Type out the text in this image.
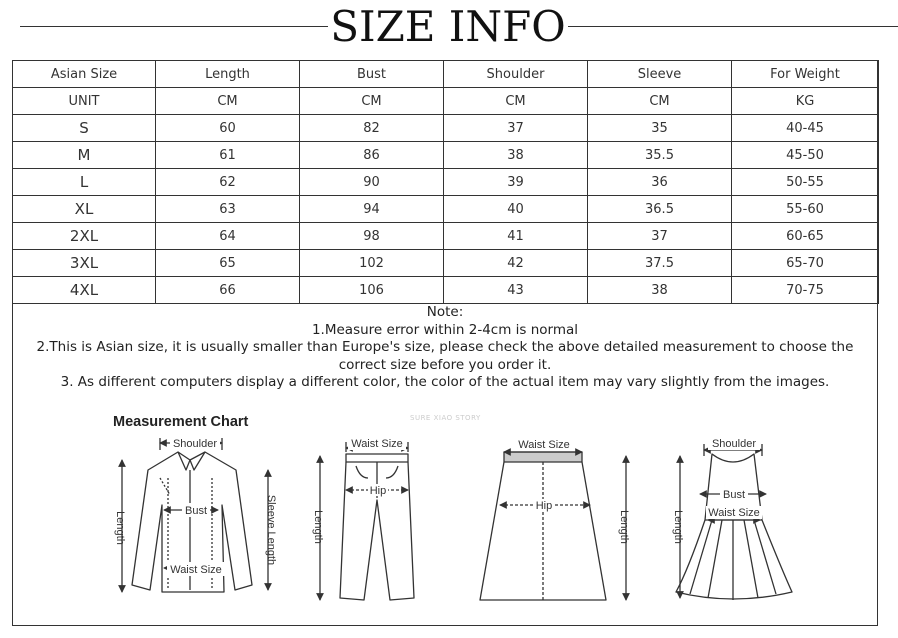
SIZE INFO
Asian Size	Length	Bust	Shoulder	Sleeve	For Weight
UNIT	CM	CM	CM	CM	KG
S	60	82	37	35	40-45
M	61	86	38	35.5	45-50
L	62	90	39	36	50-55
XL	63	94	40	36.5	55-60
2XL	64	98	41	37	60-65
3XL	65	102	42	37.5	65-70
4XL	66	106	43	38	70-75
Note:
1.Measure error within 2-4cm is normal
2.This is Asian size, it is usually smaller than Europe's size, please check the above detailed measurement to choose the correct size before you order it.
3. As different computers display a different color, the color of the actual item may vary slightly from the images.
Measurement Chart	SURE XIAO STORY
Shoulder
Bust
Waist Size
Length	Sleeve Length
Waist Size
Hip
Length
Waist Size
Hip
Length
Shoulder
Bust
Waist Size
Length
